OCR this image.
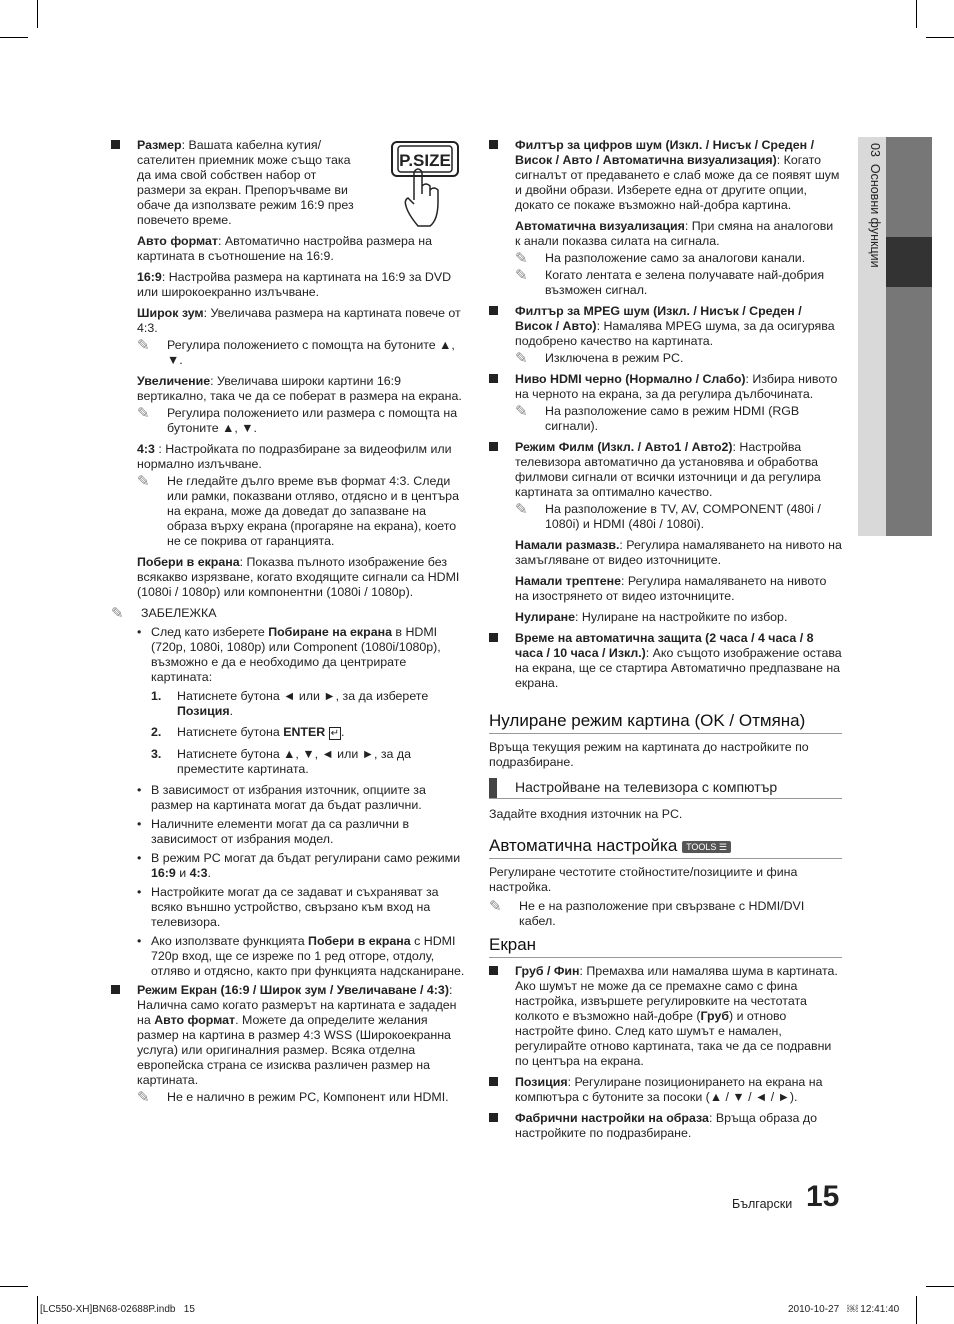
03  Основни функции
P.SIZE
Размер: Вашата кабелна кутия/ сателитен приемник може също така да има свой собствен набор от размери за екран. Препоръчваме ви обаче да използвате режим 16:9 през повечето време.

Авто формат: Автоматично настройва размера на картината в съотношение на 16:9.

16:9: Настройва размера на картината на 16:9 за DVD или широкоекранно излъчване.

Широк зум: Увеличава размера на картината повече от 4:3.

✎ Регулира положението с помощта на бутоните ▲, ▼.

Увеличение: Увеличава широки картини 16:9 вертикално, така че да се поберат в размера на екрана.

✎ Регулира положението или размера с помощта на бутоните ▲, ▼.

4:3 : Настройката по подразбиране за видеофилм или нормално излъчване.

✎ Не гледайте дълго време във формат 4:3. Следи или рамки, показвани отляво, отдясно и в центъра на екрана, може да доведат до запазване на образа върху екрана (прогаряне на екрана), което не се покрива от гаранцията.

Побери в екрана: Показва пълното изображение без всякакво изрязване, когато входящите сигнали са HDMI (1080i / 1080p) или компонентни (1080i / 1080p).

✎ ЗАБЕЛЕЖКА

• След като изберете Побиране на екрана в HDMI (720p, 1080i, 1080p) или Component (1080i/1080p), възможно е да е необходимо да центрирате картината:
1. Натиснете бутона ◄ или ►, за да изберете Позиция.
2. Натиснете бутона ENTER ↵ .
3. Натиснете бутона ▲, ▼, ◄ или ►, за да преместите картината.
• В зависимост от избрания източник, опциите за размер на картината могат да бъдат различни.
• Наличните елементи могат да са различни в зависимост от избрания модел.
• В режим PC могат да бъдат регулирани само режими 16:9 и 4:3.
• Настройките могат да се задават и съхраняват за всяко външно устройство, свързано към вход на телевизора.
• Ако използвате функцията Побери в екрана с HDMI 720p вход, ще се изреже по 1 ред отгоре, отдолу, отляво и отдясно, както при функцията надсканиране.
Режим Екран (16:9 / Широк зум / Увеличаване / 4:3): Налична само когато размерът на картината е зададен на Авто формат. Можете да определите желания размер на картина в размер 4:3 WSS (Широкоекранна услуга) или оригиналния размер. Всяка отделна европейска страна се изисква различен размер на картината.

✎ Не е налично в режим PC, Компонент или HDMI.

Филтър за цифров шум (Изкл. / Нисък / Среден / Висок / Авто / Автоматична визуализация): Когато сигналът от предаването е слаб може да се появят шум и двойни образи. Изберете една от другите опции, докато се покаже възможно най-добра картина.

Автоматична визуализация: При смяна на аналогови к анали показва силата на сигнала.

✎ На разположение само за аналогови канали.

✎ Когато лентата е зелена получавате най-добрия възможен сигнал.

Филтър за MPEG шум (Изкл. / Нисък / Среден / Висок / Авто): Намалява MPEG шума, за да осигурява подобрено качество на картината.

✎ Изключена в режим PC.

Ниво HDMI черно (Нормално / Слабо): Избира нивото на черното на екрана, за да регулира дълбочината.

✎ На разположение само в режим HDMI (RGB сигнали).

Режим Филм (Изкл. / Авто1 / Авто2): Настройва телевизора автоматично да установява и обработва филмови сигнали от всички източници и да регулира картината за оптимално качество.

✎ На разположение в TV, AV, COMPONENT (480i / 1080i) и HDMI (480i / 1080i).

Намали размазв.: Регулира намаляването на нивото на замъгляване от видео източниците.

Намали трептене: Регулира намаляването на нивото на изострянето от видео източниците.

Нулиране: Нулиране на настройките по избор.

Време на автоматична защита (2 часа / 4 часа / 8 часа / 10 часа / Изкл.): Ако същото изображение остава на екрана, ще се стартира Автоматично предпазване на екрана.
Нулиране режим картина (OK / Отмяна)

Връща текущия режим на картината до настройките по подразбиране.

Настройване на телевизора с компютър

Задайте входния източник на PC.

Автоматична настройка TOOLS ☰

Регулиране честотите стойностите/позициите и фина настройка.

✎ Не е на разположение при свързване с HDMI/DVI кабел.

Екран
Груб / Фин: Премахва или намалява шума в картината. Ако шумът не може да се премахне само с фина настройка, извършете регулировките на честотата колкото е възможно най-добре (Груб) и отново настройте фино. След като шумът е намален, регулирайте отново картината, така че да се подравни по центъра на екрана.
Позиция: Регулиране позиционирането на екрана на компютъра с бутоните за посоки (▲ / ▼ / ◄ / ►).
Фабрични настройки на образа: Връща образа до настройките по подразбиране.
Български 15
[LC550-XH]BN68-02688P.indb   15	2010-10-27   ￼ 12:41:40
